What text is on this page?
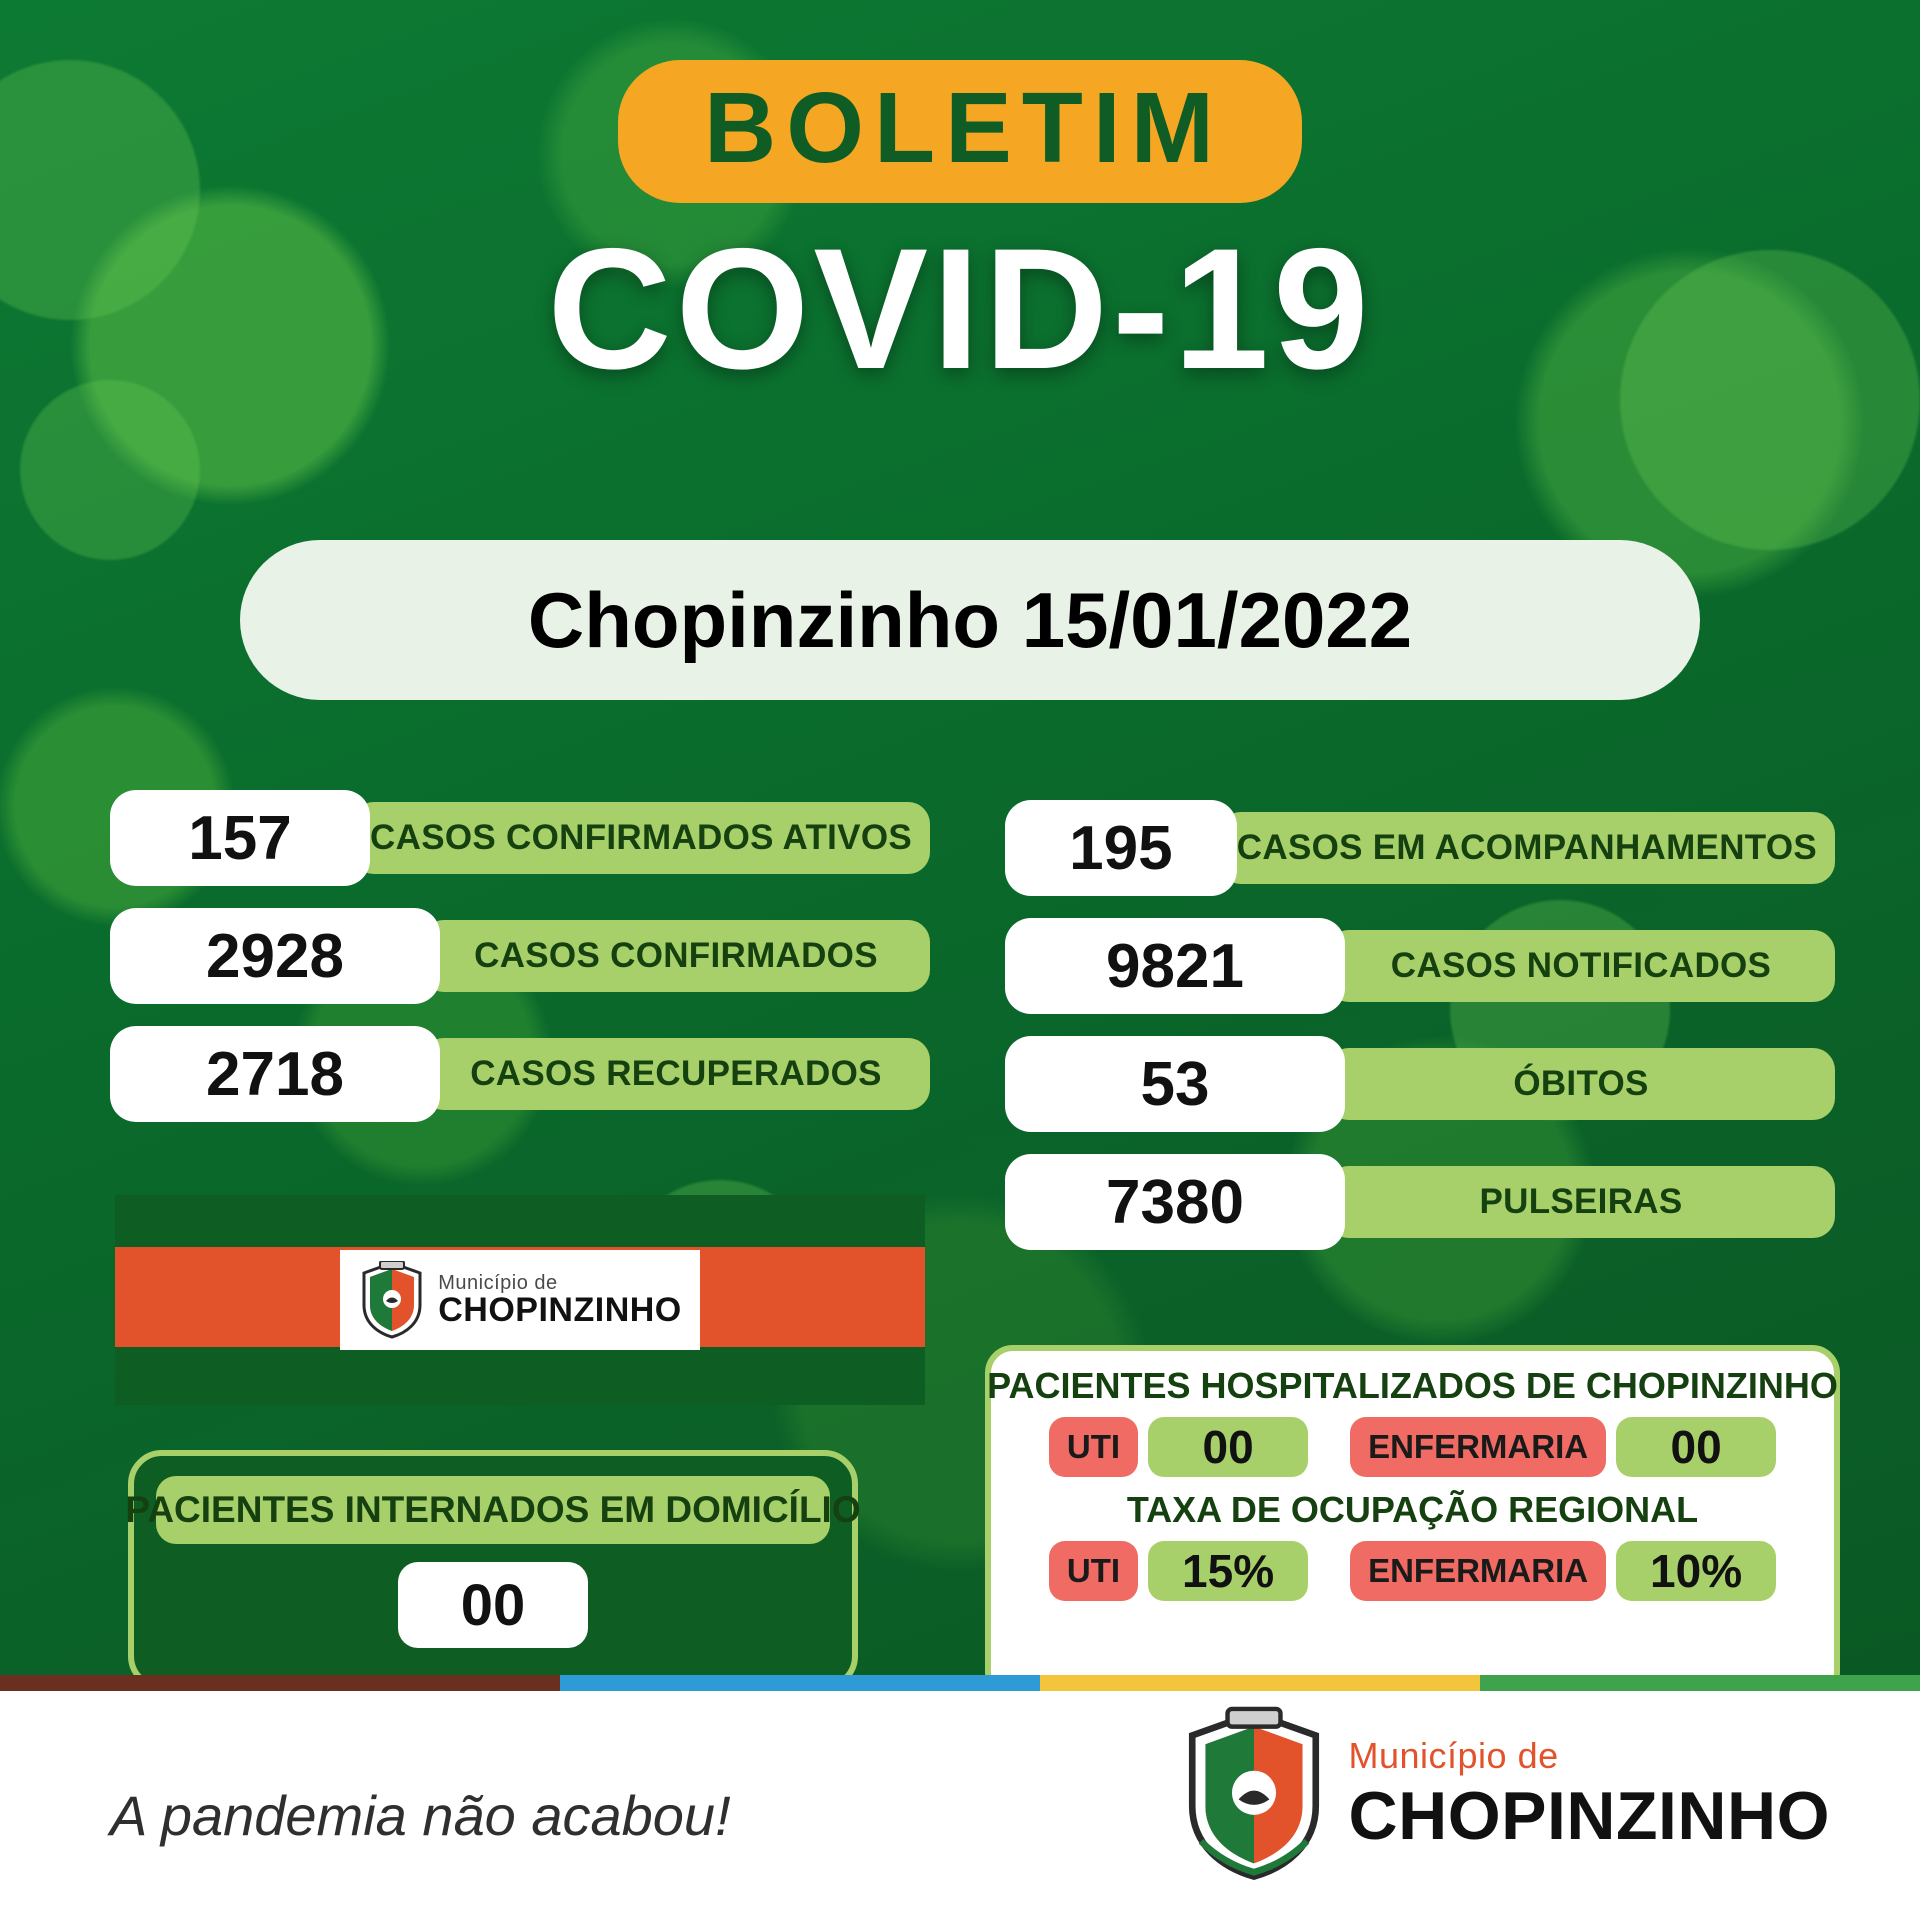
BOLETIM
COVID-19
Chopinzinho 15/01/2022
157	CASOS CONFIRMADOS ATIVOS
2928	CASOS CONFIRMADOS
2718	CASOS RECUPERADOS
195	CASOS EM ACOMPANHAMENTOS
9821	CASOS NOTIFICADOS
53	ÓBITOS
7380	PULSEIRAS
Município de
CHOPINZINHO
PACIENTES INTERNADOS EM DOMICÍLIO
00
PACIENTES HOSPITALIZADOS DE CHOPINZINHO
UTI	00	ENFERMARIA	00
TAXA DE OCUPAÇÃO REGIONAL
UTI	15%	ENFERMARIA	10%
A pandemia não acabou!
Município de
CHOPINZINHO
